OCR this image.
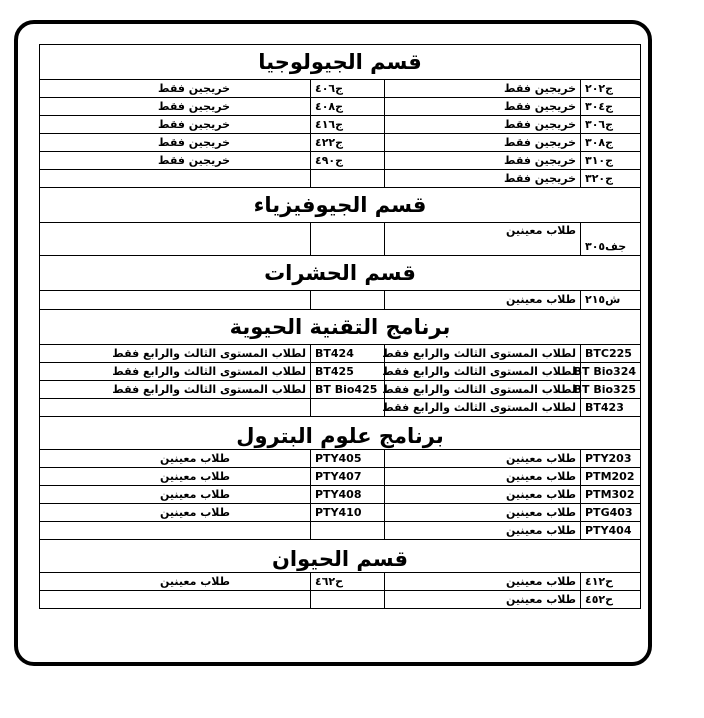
قسم الجيولوجيا			
ج٢٠٢	خريجين فقط	ج٤٠٦	خريجين فقط
ج٣٠٤	خريجين فقط	ج٤٠٨	خريجين فقط
ج٣٠٦	خريجين فقط	ج٤١٦	خريجين فقط
ج٣٠٨	خريجين فقط	ج٤٢٢	خريجين فقط
ج٣١٠	خريجين فقط	ج٤٩٠	خريجين فقط
ج٣٢٠	خريجين فقط		
قسم الجيوفيزياء			
جف٣٠٥	طلاب معينين		
قسم الحشرات			
ش٢١٥	طلاب معينين		
برنامج التقنية الحيوية			
BTC225	لطلاب المستوى الثالث والرابع فقط	BT424	لطلاب المستوى الثالث والرابع فقط
BT Bio324	لطلاب المستوى الثالث والرابع فقط	BT425	لطلاب المستوى الثالث والرابع فقط
BT Bio325	لطلاب المستوى الثالث والرابع فقط	BT Bio425	لطلاب المستوى الثالث والرابع فقط
BT423	لطلاب المستوى الثالث والرابع فقط		
برنامج علوم البترول			
PTY203	طلاب معينين	PTY405	طلاب معينين
PTM202	طلاب معينين	PTY407	طلاب معينين
PTM302	طلاب معينين	PTY408	طلاب معينين
PTG403	طلاب معينين	PTY410	طلاب معينين
PTY404	طلاب معينين		
قسم الحيوان			
ح٤١٢	طلاب معينين	ح٤٦٢	طلاب معينين
ح٤٥٢	طلاب معينين		
